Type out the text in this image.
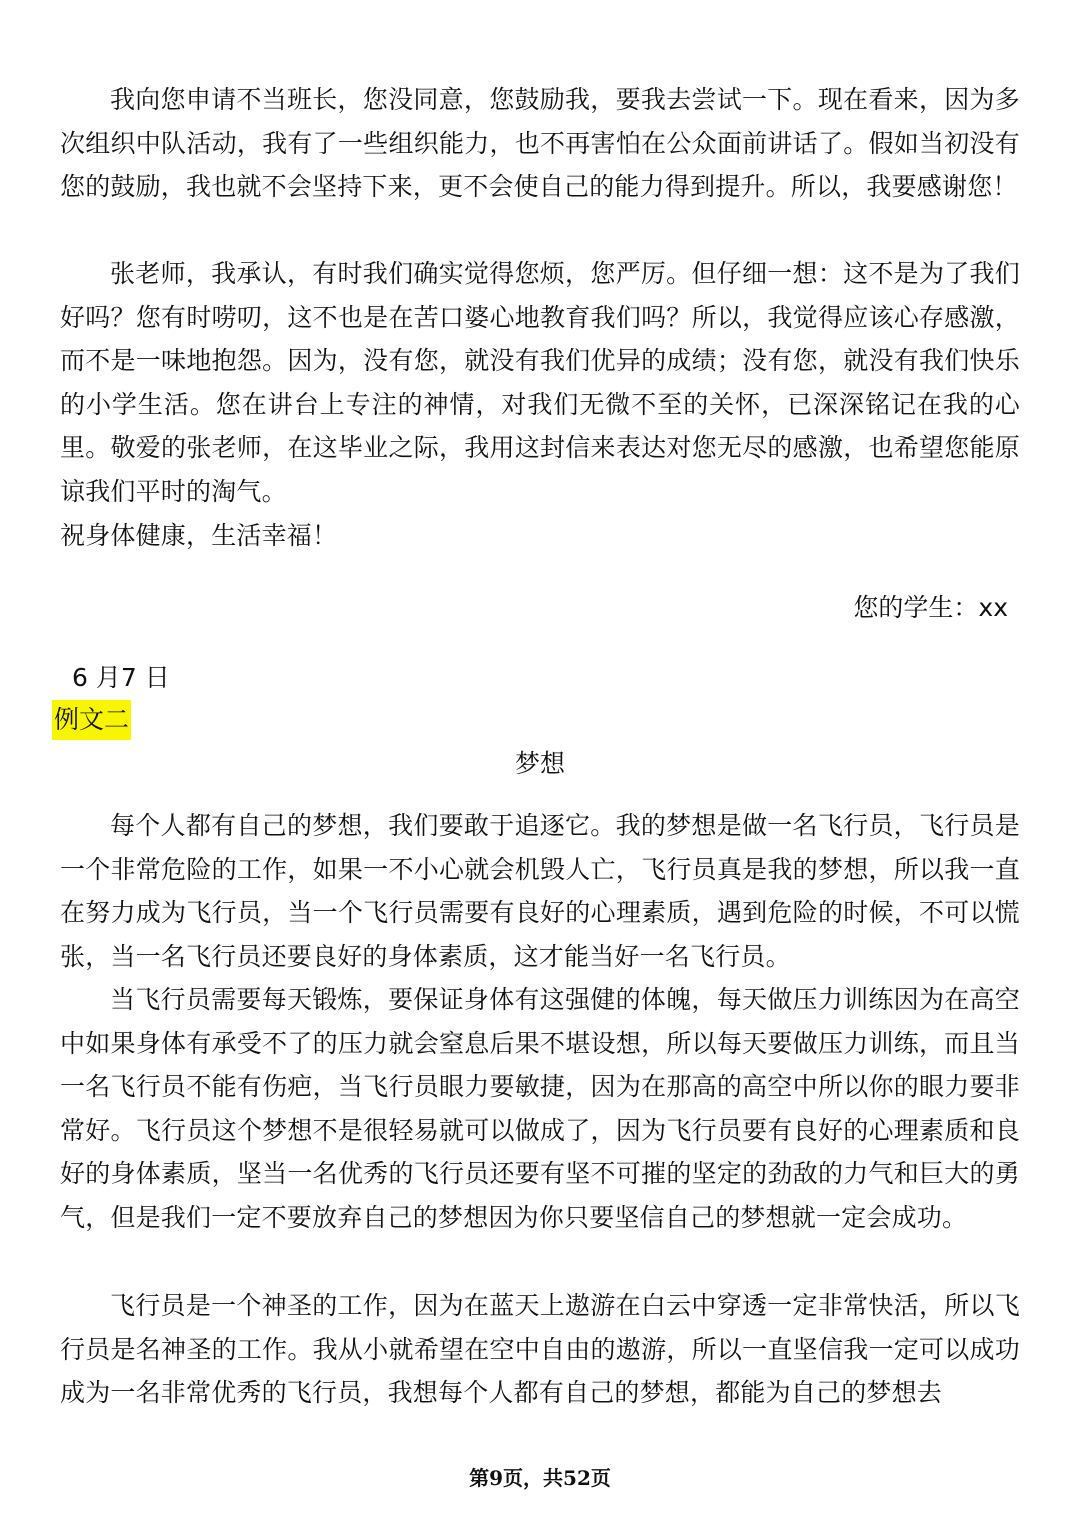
我向您申请不当班长，您没同意，您鼓励我，要我去尝试一下。现在看来，因为多次组织中队活动，我有了一些组织能力，也不再害怕在公众面前讲话了。假如当初没有您的鼓励，我也就不会坚持下来，更不会使自己的能力得到提升。所以，我要感谢您！

张老师，我承认，有时我们确实觉得您烦，您严厉。但仔细一想：这不是为了我们好吗？您有时唠叨，这不也是在苦口婆心地教育我们吗？所以，我觉得应该心存感激，而不是一味地抱怨。因为，没有您，就没有我们优异的成绩；没有您，就没有我们快乐的小学生活。您在讲台上专注的神情，对我们无微不至的关怀，已深深铭记在我的心里。敬爱的张老师，在这毕业之际，我用这封信来表达对您无尽的感激，也希望您能原谅我们平时的淘气。

祝身体健康，生活幸福！

您的学生：xx

6 月7 日

例文二

梦想

每个人都有自己的梦想，我们要敢于追逐它。我的梦想是做一名飞行员，飞行员是一个非常危险的工作，如果一不小心就会机毁人亡，飞行员真是我的梦想，所以我一直在努力成为飞行员，当一个飞行员需要有良好的心理素质，遇到危险的时候，不可以慌张，当一名飞行员还要良好的身体素质，这才能当好一名飞行员。

当飞行员需要每天锻炼，要保证身体有这强健的体魄，每天做压力训练因为在高空中如果身体有承受不了的压力就会窒息后果不堪设想，所以每天要做压力训练，而且当一名飞行员不能有伤疤，当飞行员眼力要敏捷，因为在那高的高空中所以你的眼力要非常好。飞行员这个梦想不是很轻易就可以做成了，因为飞行员要有良好的心理素质和良好的身体素质，坚当一名优秀的飞行员还要有坚不可摧的坚定的劲敌的力气和巨大的勇气，但是我们一定不要放弃自己的梦想因为你只要坚信自己的梦想就一定会成功。

飞行员是一个神圣的工作，因为在蓝天上遨游在白云中穿透一定非常快活，所以飞行员是名神圣的工作。我从小就希望在空中自由的遨游，所以一直坚信我一定可以成功成为一名非常优秀的飞行员，我想每个人都有自己的梦想，都能为自己的梦想去

第9页，共52页
